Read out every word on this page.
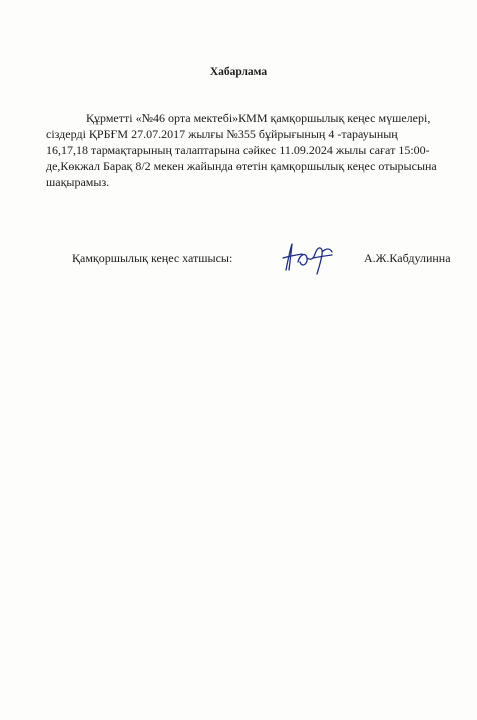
Хабарлама
Құрметті «№46 орта мектебі»КММ қамқоршылық кеңес мүшелері,
сіздерді ҚРБҒМ 27.07.2017 жылғы №355 бұйрығының 4 -тарауының
16,17,18 тармақтарының талаптарына сәйкес 11.09.2024 жылы сағат 15:00-
де,Көкжал Барақ 8/2 мекен жайында өтетін қамқоршылық кеңес отырысына
шақырамыз.
Қамқоршылық кеңес хатшысы:	А.Ж.Кабдулинна
